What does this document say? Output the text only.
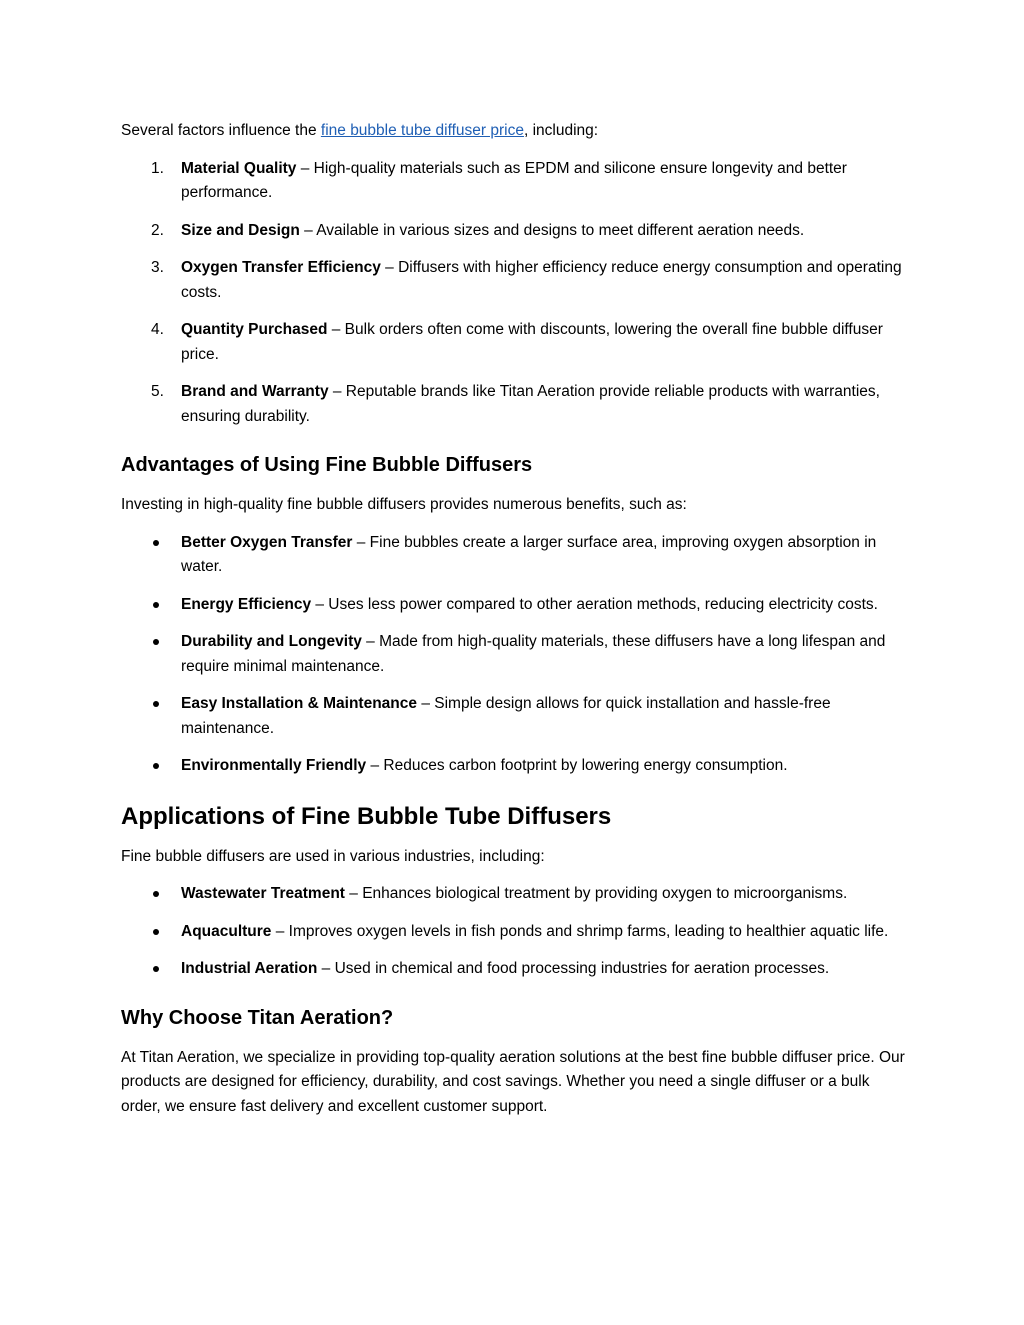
Several factors influence the fine bubble tube diffuser price, including:

1. Material Quality – High-quality materials such as EPDM and silicone ensure longevity and better performance.
2. Size and Design – Available in various sizes and designs to meet different aeration needs.
3. Oxygen Transfer Efficiency – Diffusers with higher efficiency reduce energy consumption and operating costs.
4. Quantity Purchased – Bulk orders often come with discounts, lowering the overall fine bubble diffuser price.
5. Brand and Warranty – Reputable brands like Titan Aeration provide reliable products with warranties, ensuring durability.
Advantages of Using Fine Bubble Diffusers

Investing in high-quality fine bubble diffusers provides numerous benefits, such as:

Better Oxygen Transfer – Fine bubbles create a larger surface area, improving oxygen absorption in water.
Energy Efficiency – Uses less power compared to other aeration methods, reducing electricity costs.
Durability and Longevity – Made from high-quality materials, these diffusers have a long lifespan and require minimal maintenance.
Easy Installation & Maintenance – Simple design allows for quick installation and hassle-free maintenance.
Environmentally Friendly – Reduces carbon footprint by lowering energy consumption.
Applications of Fine Bubble Tube Diffusers

Fine bubble diffusers are used in various industries, including:

Wastewater Treatment – Enhances biological treatment by providing oxygen to microorganisms.
Aquaculture – Improves oxygen levels in fish ponds and shrimp farms, leading to healthier aquatic life.
Industrial Aeration – Used in chemical and food processing industries for aeration processes.
Why Choose Titan Aeration?

At Titan Aeration, we specialize in providing top-quality aeration solutions at the best fine bubble diffuser price. Our products are designed for efficiency, durability, and cost savings. Whether you need a single diffuser or a bulk order, we ensure fast delivery and excellent customer support.
